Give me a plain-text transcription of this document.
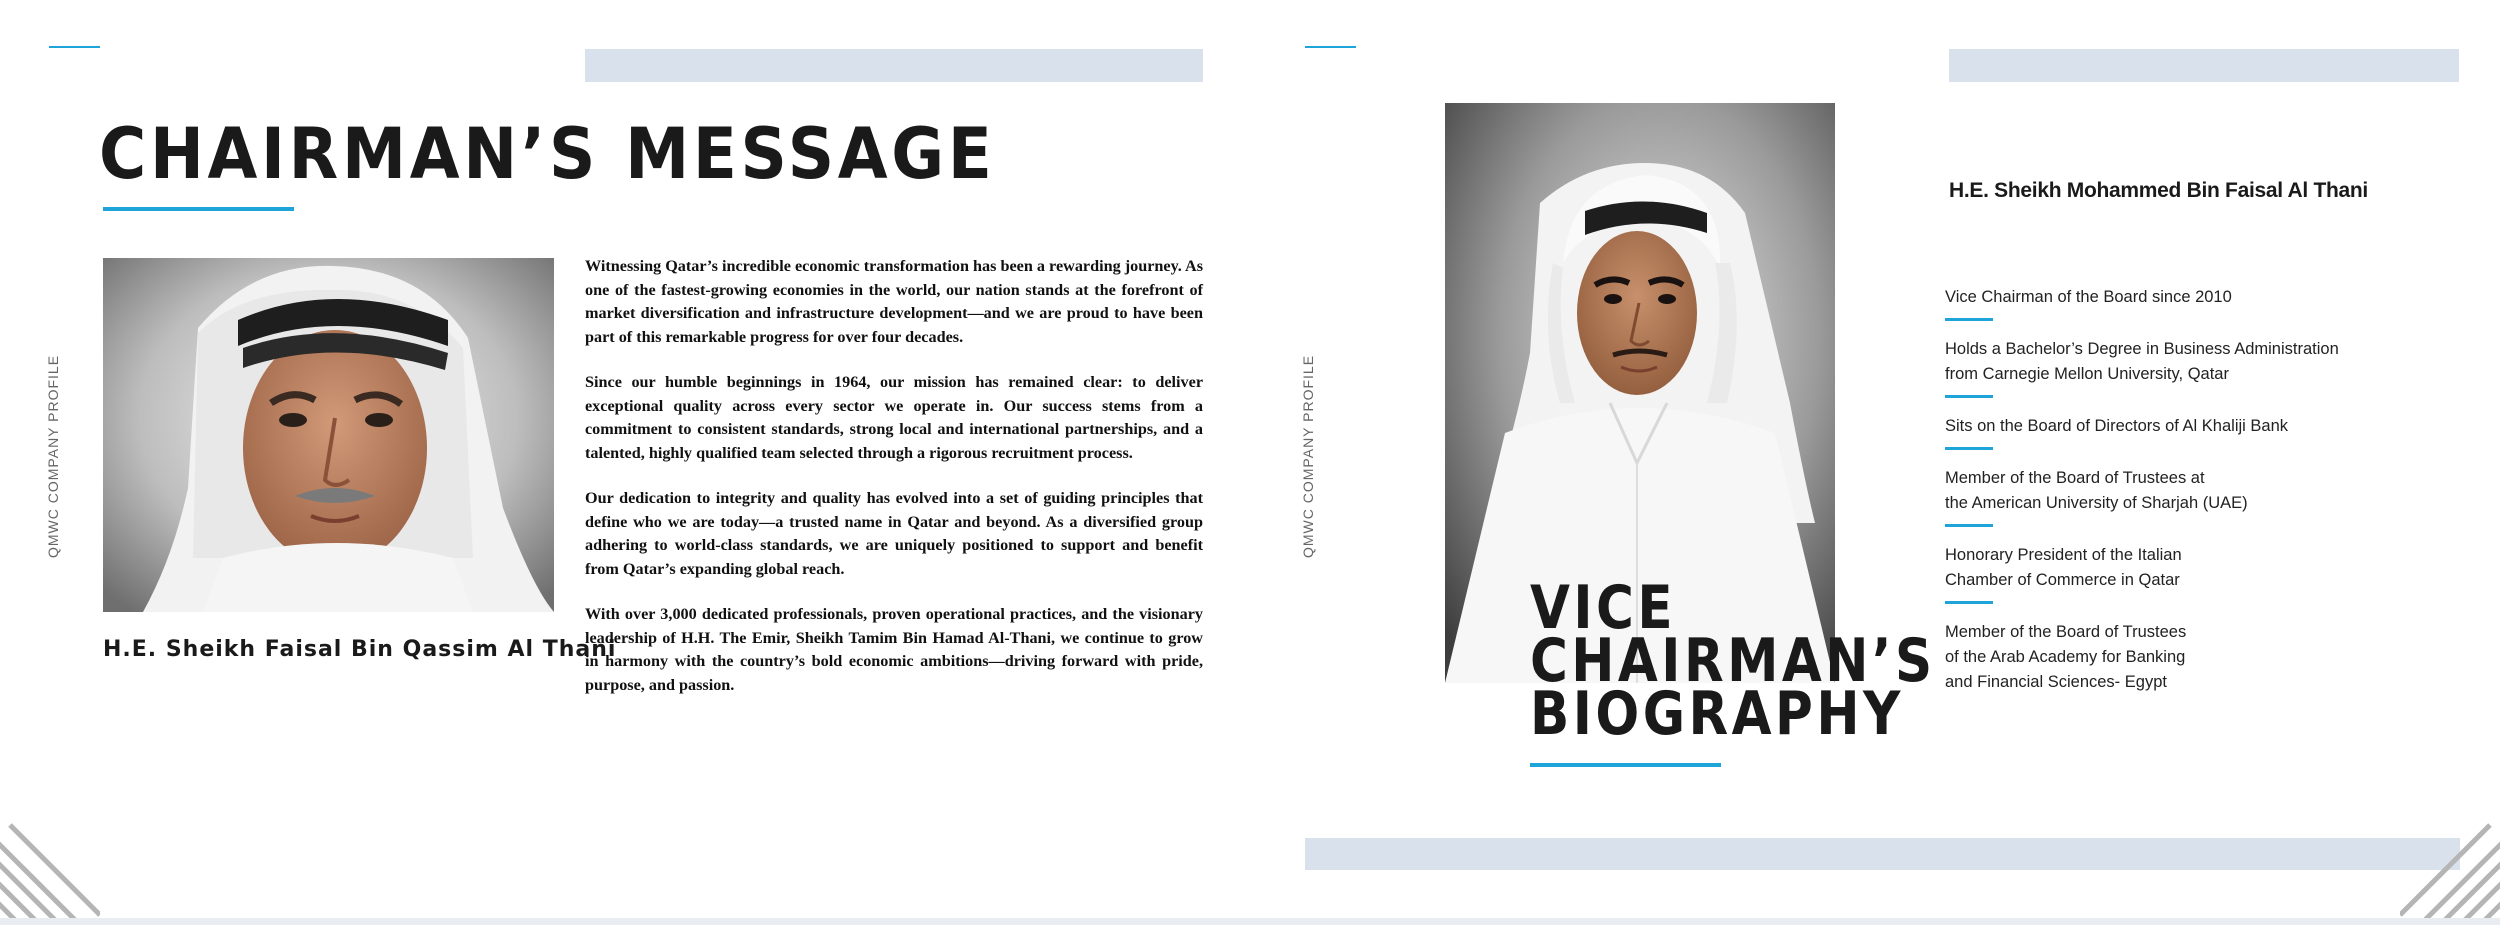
QMWC COMPANY PROFILE
CHAIRMAN’S MESSAGE
H.E. Sheikh Faisal Bin Qassim Al Thani

Witnessing Qatar’s incredible economic transformation has been a rewarding journey. As one of the fastest-growing economies in the world, our nation stands at the forefront of market diversification and infrastructure development—and we are proud to have been part of this remarkable progress for over four decades.

Since our humble beginnings in 1964, our mission has remained clear: to deliver exceptional quality across every sector we operate in. Our success stems from a commitment to consistent standards, strong local and international partnerships, and a talented, highly qualified team selected through a rigorous recruitment process.

Our dedication to integrity and quality has evolved into a set of guiding principles that define who we are today—a trusted name in Qatar and beyond. As a diversified group adhering to world-class standards, we are uniquely positioned to support and benefit from Qatar’s expanding global reach.

With over 3,000 dedicated professionals, proven operational practices, and the visionary leadership of H.H. The Emir, Sheikh Tamim Bin Hamad Al-Thani, we continue to grow in harmony with the country’s bold economic ambitions—driving forward with pride, purpose, and passion.

QMWC COMPANY PROFILE
VICE
CHAIRMAN’S
BIOGRAPHY
H.E. Sheikh Mohammed Bin Faisal Al Thani
Vice Chairman of the Board since 2010
Holds a Bachelor’s Degree in Business Administration
from Carnegie Mellon University, Qatar
Sits on the Board of Directors of Al Khaliji Bank
Member of the Board of Trustees at
the American University of Sharjah (UAE)
Honorary President of the Italian
Chamber of Commerce in Qatar
Member of the Board of Trustees
of the Arab Academy for Banking
and Financial Sciences- Egypt
